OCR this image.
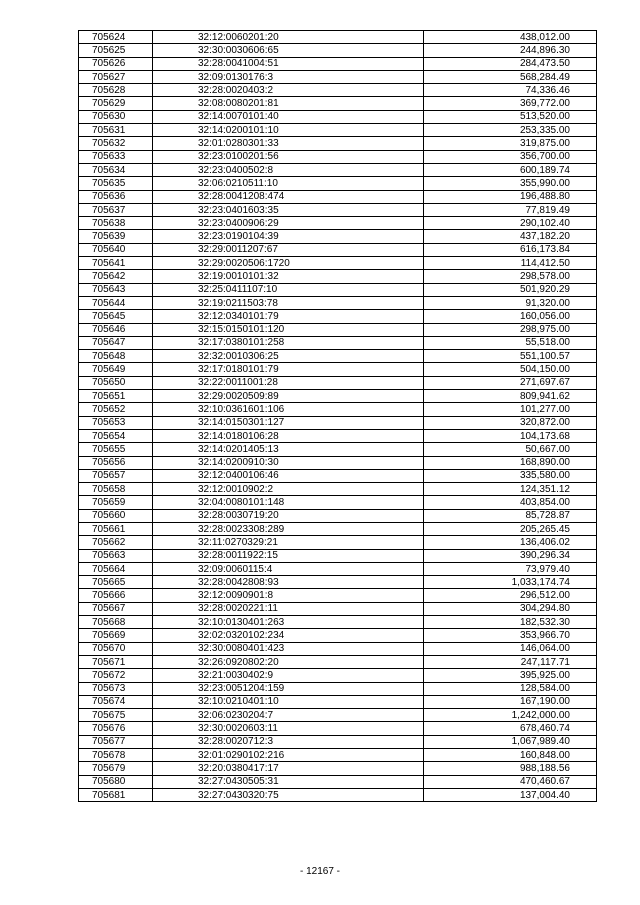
705624	32:12:0060201:20	438,012.00
705625	32:30:0030606:65	244,896.30
705626	32:28:0041004:51	284,473.50
705627	32:09:0130176:3	568,284.49
705628	32:28:0020403:2	74,336.46
705629	32:08:0080201:81	369,772.00
705630	32:14:0070101:40	513,520.00
705631	32:14:0200101:10	253,335.00
705632	32:01:0280301:33	319,875.00
705633	32:23:0100201:56	356,700.00
705634	32:23:0400502:8	600,189.74
705635	32:06:0210511:10	355,990.00
705636	32:28:0041208:474	196,488.80
705637	32:23:0401603:35	77,819.49
705638	32:23:0400906:29	290,102.40
705639	32:23:0190104:39	437,182.20
705640	32:29:0011207:67	616,173.84
705641	32:29:0020506:1720	114,412.50
705642	32:19:0010101:32	298,578.00
705643	32:25:0411107:10	501,920.29
705644	32:19:0211503:78	91,320.00
705645	32:12:0340101:79	160,056.00
705646	32:15:0150101:120	298,975.00
705647	32:17:0380101:258	55,518.00
705648	32:32:0010306:25	551,100.57
705649	32:17:0180101:79	504,150.00
705650	32:22:0011001:28	271,697.67
705651	32:29:0020509:89	809,941.62
705652	32:10:0361601:106	101,277.00
705653	32:14:0150301:127	320,872.00
705654	32:14:0180106:28	104,173.68
705655	32:14:0201405:13	50,667.00
705656	32:14:0200910:30	168,890.00
705657	32:12:0400106:46	335,580.00
705658	32:12:0010902:2	124,351.12
705659	32:04:0080101:148	403,854.00
705660	32:28:0030719:20	85,728.87
705661	32:28:0023308:289	205,265.45
705662	32:11:0270329:21	136,406.02
705663	32:28:0011922:15	390,296.34
705664	32:09:0060115:4	73,979.40
705665	32:28:0042808:93	1,033,174.74
705666	32:12:0090901:8	296,512.00
705667	32:28:0020221:11	304,294.80
705668	32:10:0130401:263	182,532.30
705669	32:02:0320102:234	353,966.70
705670	32:30:0080401:423	146,064.00
705671	32:26:0920802:20	247,117.71
705672	32:21:0030402:9	395,925.00
705673	32:23:0051204:159	128,584.00
705674	32:10:0210401:10	167,190.00
705675	32:06:0230204:7	1,242,000.00
705676	32:30:0020603:11	678,460.74
705677	32:28:0020712:3	1,067,989.40
705678	32:01:0290102:216	160,848.00
705679	32:20:0380417:17	988,188.56
705680	32:27:0430505:31	470,460.67
705681	32:27:0430320:75	137,004.40
- 12167 -
